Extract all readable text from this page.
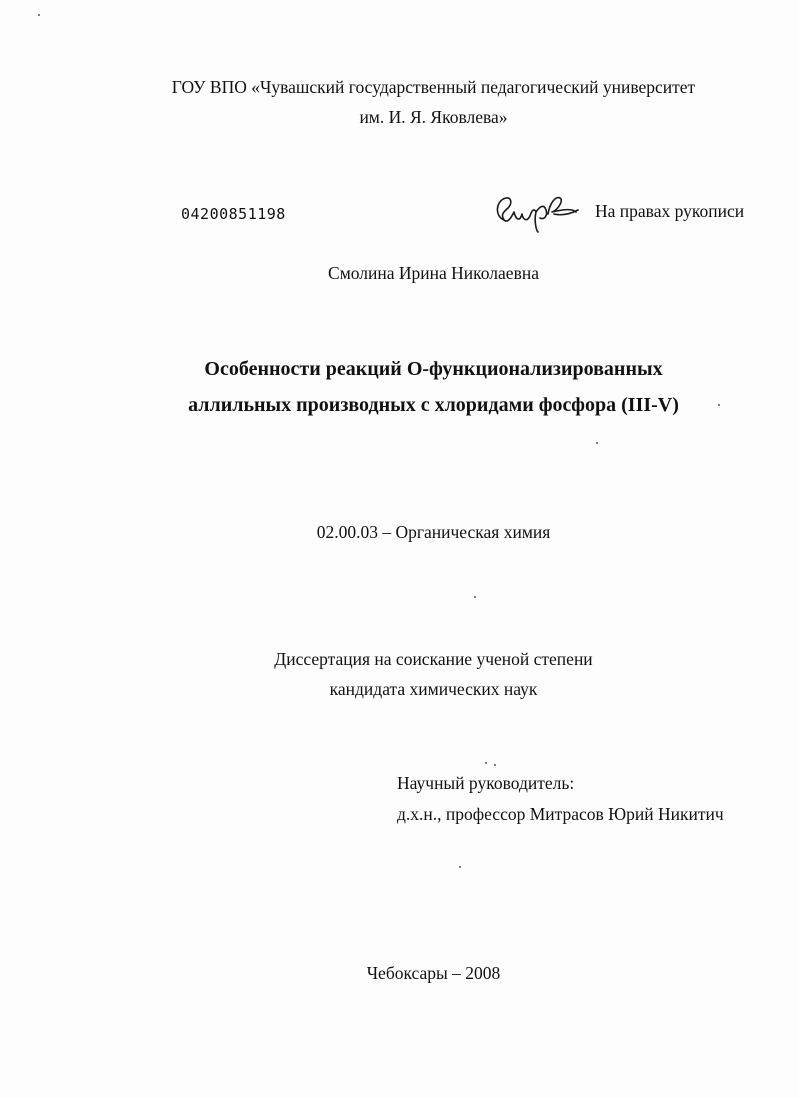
ГОУ ВПО «Чувашский государственный педагогический университет
им. И. Я. Яковлева»
04200851198	На правах рукописи
Смолина Ирина Николаевна
Особенности реакций О-функционализированных
аллильных производных с хлоридами фосфора (III-V)
02.00.03 – Органическая химия
Диссертация на соискание ученой степени
кандидата химических наук
Научный руководитель:
д.х.н., профессор Митрасов Юрий Никитич
Чебоксары – 2008
